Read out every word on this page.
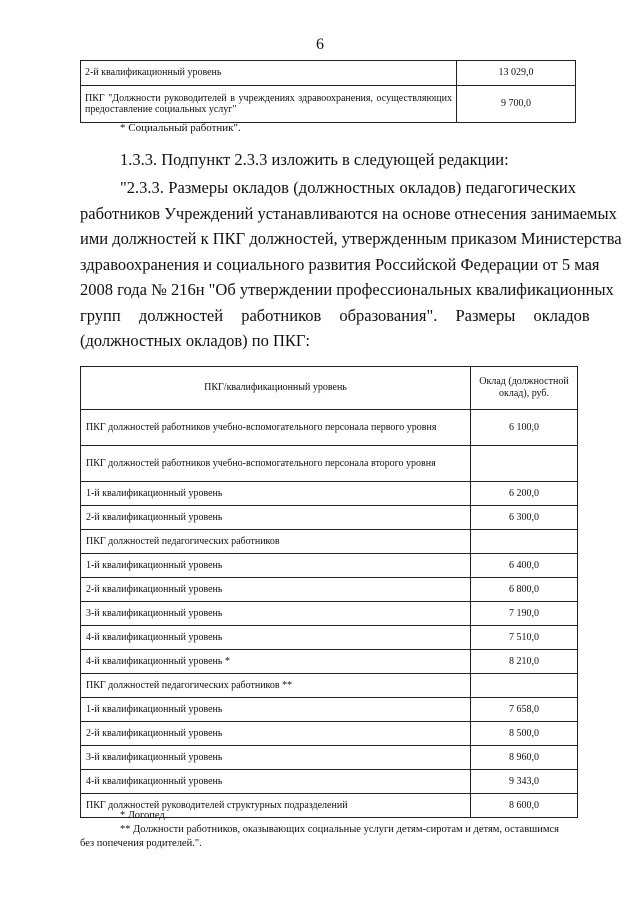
6
2-й квалификационный уровень	13 029,0
ПКГ "Должности руководителей в учреждениях здравоохранения, осуществляющих предоставление социальных услуг"	9 700,0
* Социальный работник".
1.3.3. Подпункт 2.3.3 изложить в следующей редакции:
"2.3.3. Размеры окладов (должностных окладов) педагогических
работников Учреждений устанавливаются на основе отнесения занимаемых
ими должностей к ПКГ должностей, утвержденным приказом Министерства
здравоохранения и социального развития Российской Федерации от 5 мая
2008 года № 216н "Об утверждении профессиональных квалификационных
групп должностей работников образования". Размеры окладов
(должностных окладов) по ПКГ:
ПКГ/квалификационный уровень	Оклад (должностной оклад), руб.
ПКГ должностей работников учебно-вспомогательного персонала первого уровня	6 100,0
ПКГ должностей работников учебно-вспомогательного персонала второго уровня	
1-й квалификационный уровень	6 200,0
2-й квалификационный уровень	6 300,0
ПКГ должностей педагогических работников	
1-й квалификационный уровень	6 400,0
2-й квалификационный уровень	6 800,0
3-й квалификационный уровень	7 190,0
4-й квалификационный уровень	7 510,0
4-й квалификационный уровень *	8 210,0
ПКГ должностей педагогических работников **	
1-й квалификационный уровень	7 658,0
2-й квалификационный уровень	8 500,0
3-й квалификационный уровень	8 960,0
4-й квалификационный уровень	9 343,0
ПКГ должностей руководителей структурных подразделений	8 600,0
* Логопед.
** Должности работников, оказывающих социальные услуги детям-сиротам и детям, оставшимся
без попечения родителей.".
